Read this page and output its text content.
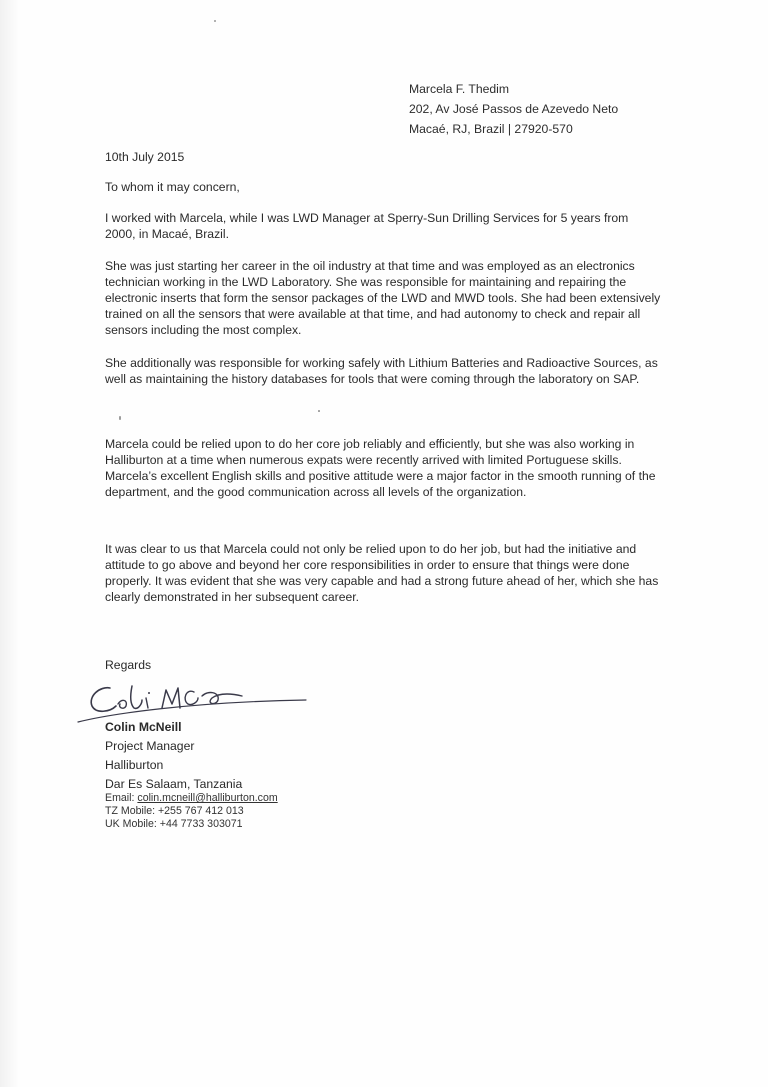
Marcela F. Thedim
202, Av José Passos de Azevedo Neto
Macaé, RJ, Brazil | 27920-570
10th July 2015
To whom it may concern,

I worked with Marcela, while I was LWD Manager at Sperry-Sun Drilling Services for 5 years from 2000, in Macaé, Brazil.

She was just starting her career in the oil industry at that time and was employed as an electronics technician working in the LWD Laboratory. She was responsible for maintaining and repairing the electronic inserts that form the sensor packages of the LWD and MWD tools. She had been extensively trained on all the sensors that were available at that time, and had autonomy to check and repair all sensors including the most complex.

She additionally was responsible for working safely with Lithium Batteries and Radioactive Sources, as well as maintaining the history databases for tools that were coming through the laboratory on SAP.

Marcela could be relied upon to do her core job reliably and efficiently, but she was also working in Halliburton at a time when numerous expats were recently arrived with limited Portuguese skills. Marcela’s excellent English skills and positive attitude were a major factor in the smooth running of the department, and the good communication across all levels of the organization.

It was clear to us that Marcela could not only be relied upon to do her job, but had the initiative and attitude to go above and beyond her core responsibilities in order to ensure that things were done properly. It was evident that she was very capable and had a strong future ahead of her, which she has clearly demonstrated in her subsequent career.

Regards
Colin McNeill
Project Manager
Halliburton
Dar Es Salaam, Tanzania
Email: colin.mcneill@halliburton.com
TZ Mobile: +255 767 412 013
UK Mobile: +44 7733 303071
